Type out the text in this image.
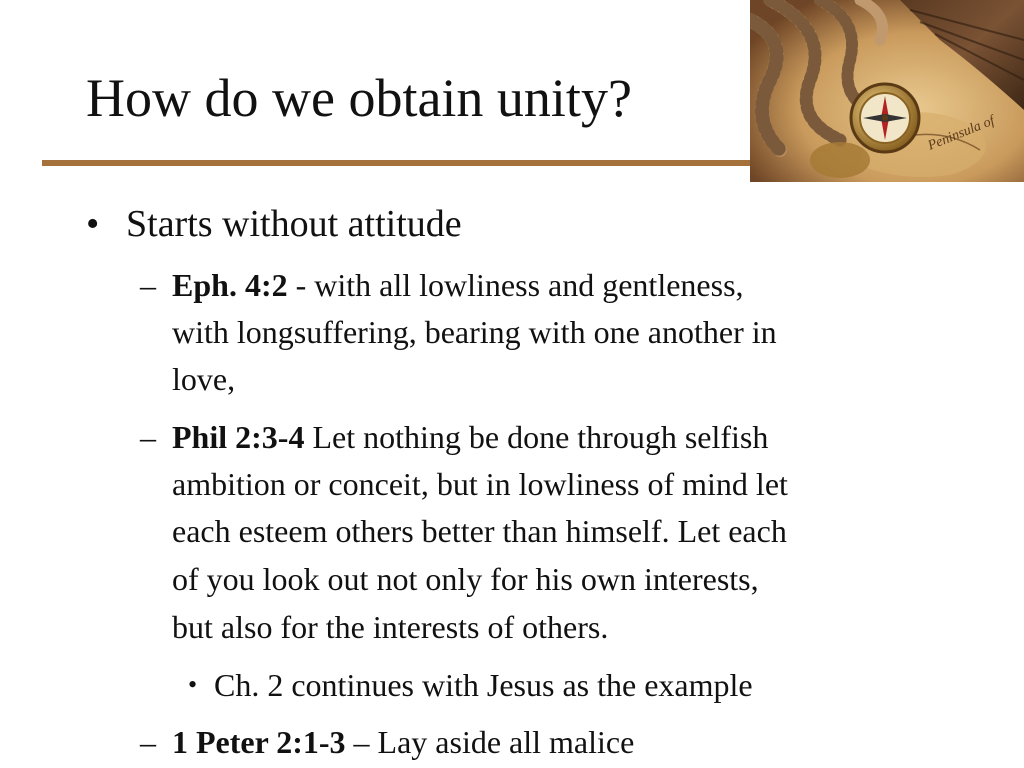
How do we obtain unity?
Peninsula of
• Starts without attitude
– Eph. 4:2 - with all lowliness and gentleness,
with longsuffering, bearing with one another in
love,
– Phil 2:3-4 Let nothing be done through selfish
ambition or conceit, but in lowliness of mind let
each esteem others better than himself. Let each
of you look out not only for his own interests,
but also for the interests of others.
• Ch. 2 continues with Jesus as the example
– 1 Peter 2:1-3 – Lay aside all malice
